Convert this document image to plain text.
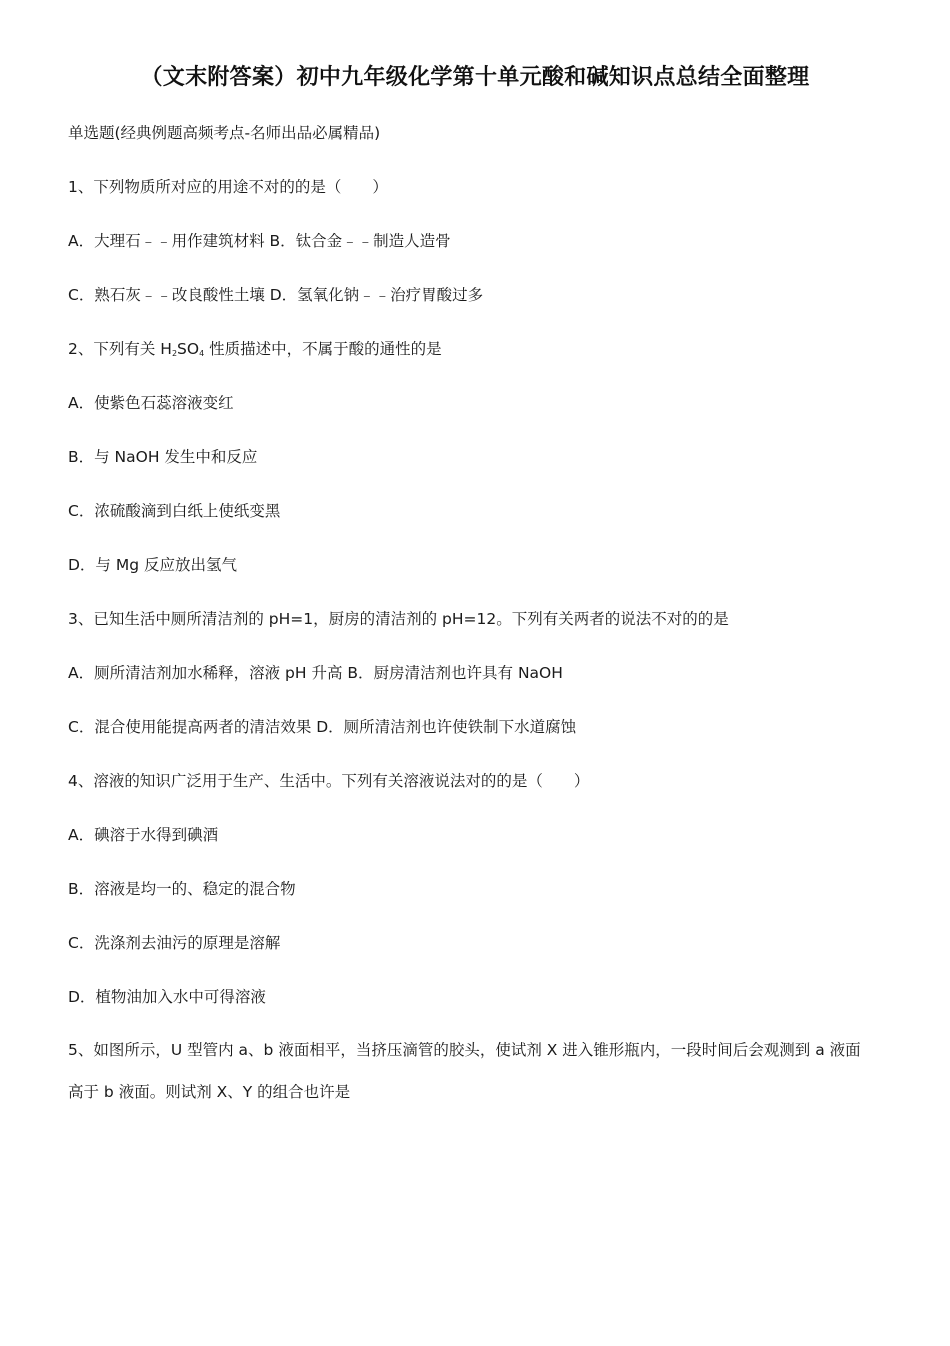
（文末附答案）初中九年级化学第十单元酸和碱知识点总结全面整理
单选题(经典例题高频考点-名师出品必属精品)
1、下列物质所对应的用途不对的的是（　　）
A．大理石﹣﹣用作建筑材料 B．钛合金﹣﹣制造人造骨
C．熟石灰﹣﹣改良酸性土壤 D．氢氧化钠﹣﹣治疗胃酸过多
2、下列有关 $H_2SO_4$ 性质描述中，不属于酸的通性的是
A．使紫色石蕊溶液变红
B．与 NaOH 发生中和反应
C．浓硫酸滴到白纸上使纸变黑
D．与 Mg 反应放出氢气
3、已知生活中厕所清洁剂的 pH=1，厨房的清洁剂的 pH=12。下列有关两者的说法不对的的是
A．厕所清洁剂加水稀释，溶液 pH 升高 B．厨房清洁剂也许具有 NaOH
C．混合使用能提高两者的清洁效果 D．厕所清洁剂也许使铁制下水道腐蚀
4、溶液的知识广泛用于生产、生活中。下列有关溶液说法对的的是（　　）
A．碘溶于水得到碘酒
B．溶液是均一的、稳定的混合物
C．洗涤剂去油污的原理是溶解
D．植物油加入水中可得溶液
5、如图所示，U 型管内 a、b 液面相平，当挤压滴管的胶头，使试剂 X 进入锥形瓶内，一段时间后会观测到 a 液面高于 b 液面。则试剂 X、Y 的组合也许是
